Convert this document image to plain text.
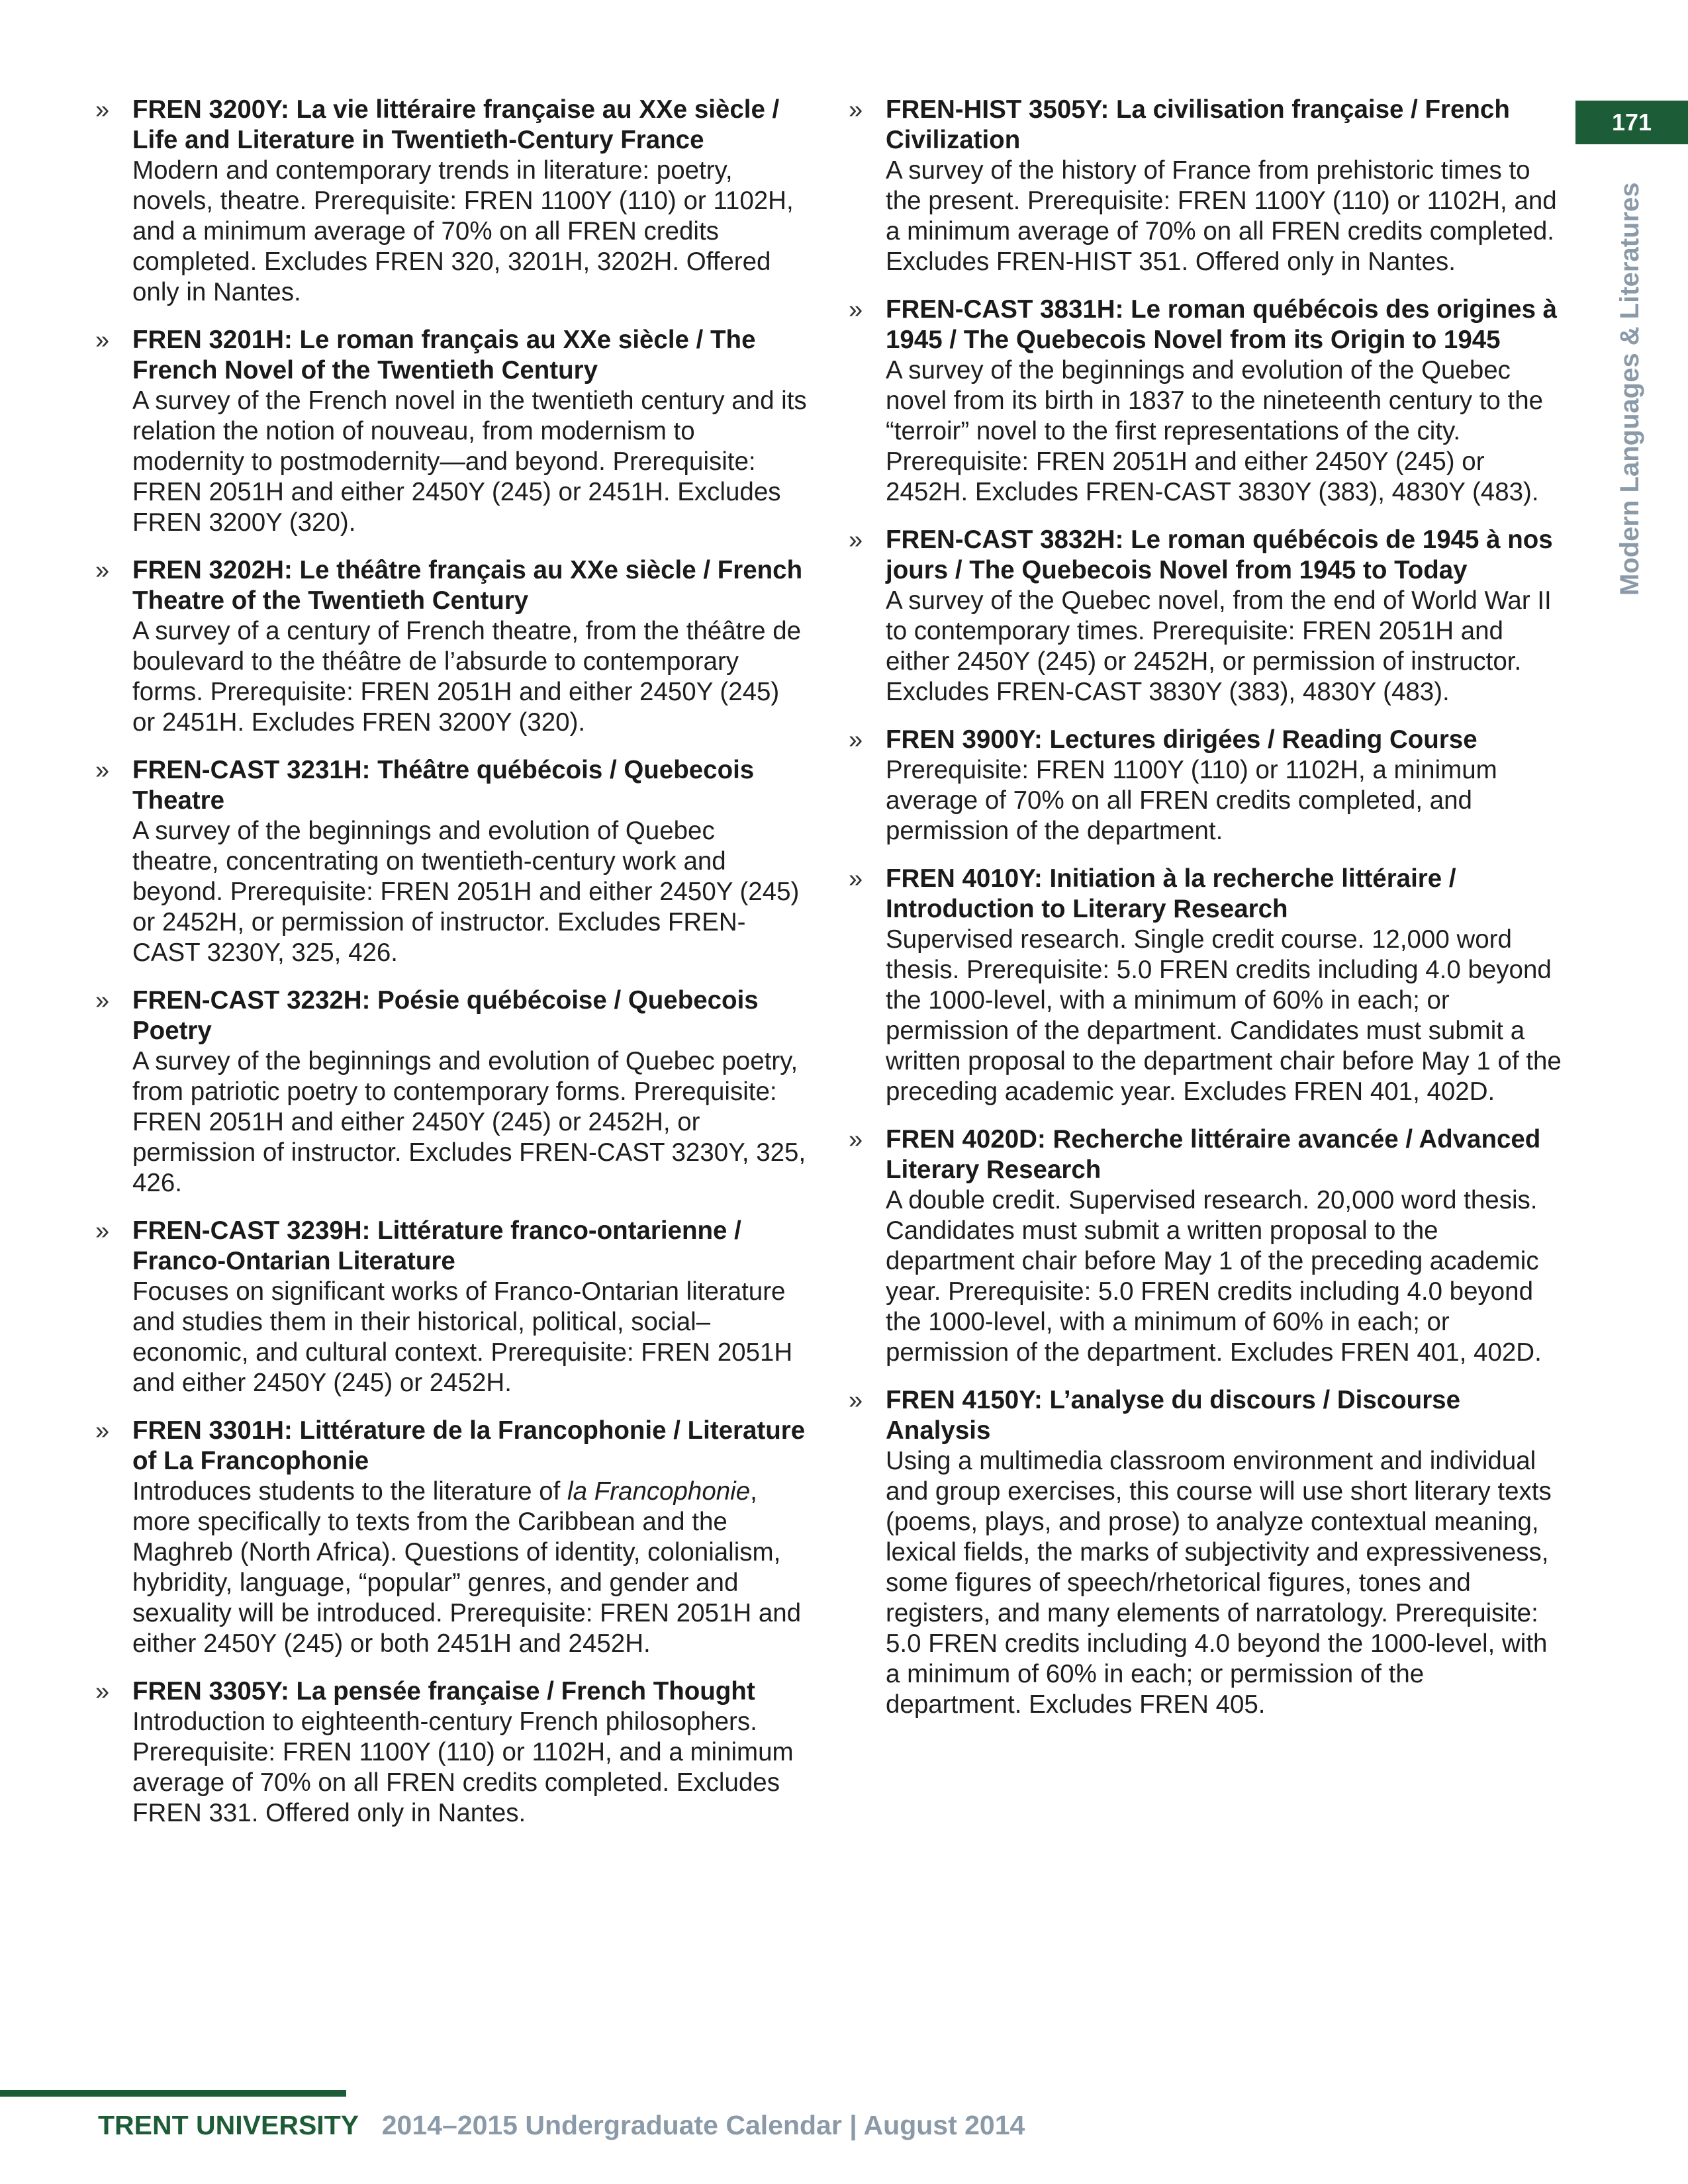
» FREN 3200Y: La vie littéraire française au XXe siècle / Life and Literature in Twentieth-Century France
Modern and contemporary trends in literature: poetry, novels, theatre. Prerequisite: FREN 1100Y (110) or 1102H, and a minimum average of 70% on all FREN credits completed. Excludes FREN 320, 3201H, 3202H. Offered only in Nantes.
» FREN 3201H: Le roman français au XXe siècle / The French Novel of the Twentieth Century
A survey of the French novel in the twentieth century and its relation the notion of nouveau, from modernism to modernity to postmodernity—and beyond. Prerequisite: FREN 2051H and either 2450Y (245) or 2451H. Excludes FREN 3200Y (320).
» FREN 3202H: Le théâtre français au XXe siècle / French Theatre of the Twentieth Century
A survey of a century of French theatre, from the théâtre de boulevard to the théâtre de l’absurde to contemporary forms. Prerequisite: FREN 2051H and either 2450Y (245) or 2451H. Excludes FREN 3200Y (320).
» FREN-CAST 3231H: Théâtre québécois / Quebecois Theatre
A survey of the beginnings and evolution of Quebec theatre, concentrating on twentieth-century work and beyond. Prerequisite: FREN 2051H and either 2450Y (245) or 2452H, or permission of instructor. Excludes FREN-CAST 3230Y, 325, 426.
» FREN-CAST 3232H: Poésie québécoise / Quebecois Poetry
A survey of the beginnings and evolution of Quebec poetry, from patriotic poetry to contemporary forms. Prerequisite: FREN 2051H and either 2450Y (245) or 2452H, or permission of instructor. Excludes FREN-CAST 3230Y, 325, 426.
» FREN-CAST 3239H: Littérature franco-ontarienne / Franco-Ontarian Literature
Focuses on significant works of Franco-Ontarian literature and studies them in their historical, political, social–economic, and cultural context. Prerequisite: FREN 2051H and either 2450Y (245) or 2452H.
» FREN 3301H: Littérature de la Francophonie / Literature of La Francophonie
Introduces students to the literature of la Francophonie, more specifically to texts from the Caribbean and the Maghreb (North Africa). Questions of identity, colonialism, hybridity, language, “popular” genres, and gender and sexuality will be introduced. Prerequisite: FREN 2051H and either 2450Y (245) or both 2451H and 2452H.
» FREN 3305Y: La pensée française / French Thought
Introduction to eighteenth-century French philosophers. Prerequisite: FREN 1100Y (110) or 1102H, and a minimum average of 70% on all FREN credits completed. Excludes FREN 331. Offered only in Nantes.
» FREN-HIST 3505Y: La civilisation française / French Civilization
A survey of the history of France from prehistoric times to the present. Prerequisite: FREN 1100Y (110) or 1102H, and a minimum average of 70% on all FREN credits completed. Excludes FREN-HIST 351. Offered only in Nantes.
» FREN-CAST 3831H: Le roman québécois des origines à 1945 / The Quebecois Novel from its Origin to 1945
A survey of the beginnings and evolution of the Quebec novel from its birth in 1837 to the nineteenth century to the “terroir” novel to the first representations of the city. Prerequisite: FREN 2051H and either 2450Y (245) or 2452H. Excludes FREN-CAST 3830Y (383), 4830Y (483).
» FREN-CAST 3832H: Le roman québécois de 1945 à nos jours / The Quebecois Novel from 1945 to Today
A survey of the Quebec novel, from the end of World War II to contemporary times. Prerequisite: FREN 2051H and either 2450Y (245) or 2452H, or permission of instructor. Excludes FREN-CAST 3830Y (383), 4830Y (483).
» FREN 3900Y: Lectures dirigées / Reading Course
Prerequisite: FREN 1100Y (110) or 1102H, a minimum average of 70% on all FREN credits completed, and permission of the department.
» FREN 4010Y: Initiation à la recherche littéraire / Introduction to Literary Research
Supervised research. Single credit course. 12,000 word thesis. Prerequisite: 5.0 FREN credits including 4.0 beyond the 1000-level, with a minimum of 60% in each; or permission of the department. Candidates must submit a written proposal to the department chair before May 1 of the preceding academic year. Excludes FREN 401, 402D.
» FREN 4020D: Recherche littéraire avancée / Advanced Literary Research
A double credit. Supervised research. 20,000 word thesis. Candidates must submit a written proposal to the department chair before May 1 of the preceding academic year. Prerequisite: 5.0 FREN credits including 4.0 beyond the 1000-level, with a minimum of 60% in each; or permission of the department. Excludes FREN 401, 402D.
» FREN 4150Y: L’analyse du discours / Discourse Analysis
Using a multimedia classroom environment and individual and group exercises, this course will use short literary texts (poems, plays, and prose) to analyze contextual meaning, lexical fields, the marks of subjectivity and expressiveness, some figures of speech/rhetorical figures, tones and registers, and many elements of narratology. Prerequisite: 5.0 FREN credits including 4.0 beyond the 1000-level, with a minimum of 60% in each; or permission of the department. Excludes FREN 405.
171
Modern Languages & Literatures
TRENT UNIVERSITY 2014–2015 Undergraduate Calendar | August 2014
